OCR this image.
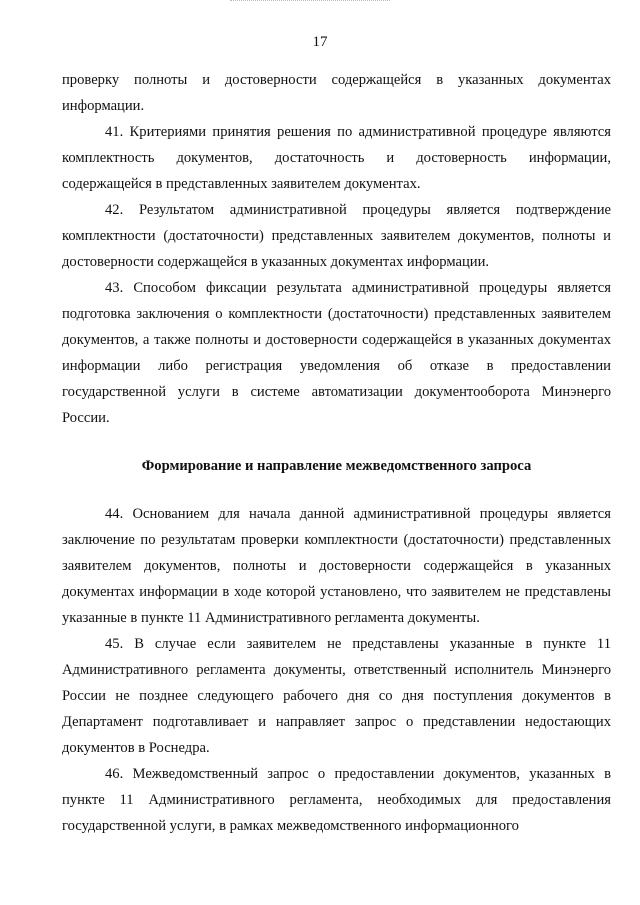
17

проверку полноты и достоверности содержащейся в указанных документах информации.

41. Критериями принятия решения по административной процедуре являются комплектность документов, достаточность и достоверность информации, содержащейся в представленных заявителем документах.

42. Результатом административной процедуры является подтверждение комплектности (достаточности) представленных заявителем документов, полноты и достоверности содержащейся в указанных документах информации.

43. Способом фиксации результата административной процедуры является подготовка заключения о комплектности (достаточности) представленных заявителем документов, а также полноты и достоверности содержащейся в указанных документах информации либо регистрация уведомления об отказе в предоставлении государственной услуги в системе автоматизации документооборота Минэнерго России.

Формирование и направление межведомственного запроса

44. Основанием для начала данной административной процедуры является заключение по результатам проверки комплектности (достаточности) представленных заявителем документов, полноты и достоверности содержащейся в указанных документах информации в ходе которой установлено, что заявителем не представлены указанные в пункте 11 Административного регламента документы.

45. В случае если заявителем не представлены указанные в пункте 11 Административного регламента документы, ответственный исполнитель Минэнерго России не позднее следующего рабочего дня со дня поступления документов в Департамент подготавливает и направляет запрос о представлении недостающих документов в Роснедра.

46. Межведомственный запрос о предоставлении документов, указанных в пункте 11 Административного регламента, необходимых для предоставления государственной услуги, в рамках межведомственного информационного
